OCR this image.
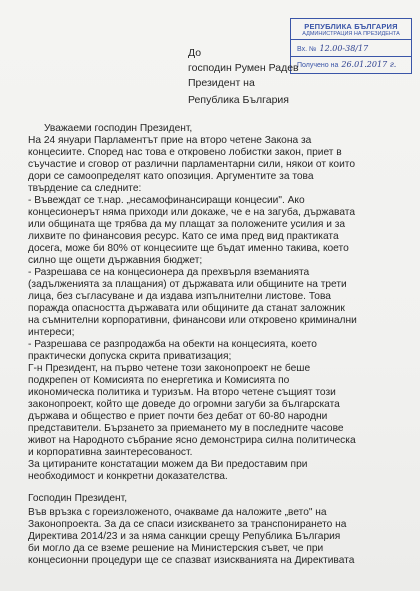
РЕПУБЛИКА БЪЛГАРИЯ
АДМИНИСТРАЦИЯ НА ПРЕЗИДЕНТА
Вх. № 12.00-38/17
Получено на 26.01.2017 г.
До
господин Румен Радев
Президент на
Република България
Уважаеми господин Президент,
На 24 януари Парламентът прие на второ четене Закона за
концесиите. Според нас това е откровено лобистки закон, приет в
съучастие и сговор от различни парламентарни сили, някои от които
дори се самоопределят като опозиция. Аргументите за това
твърдение са следните:
- Въвеждат се т.нар. „несамофинансиращи концесии". Ако
концесионерът няма приходи или докаже, че е на загуба, държавата
или общината ще трябва да му плащат за положените усилия и за
лихвите по финансовия ресурс. Като се има пред вид практиката
досега, може би 80% от концесиите ще бъдат именно такива, което
силно ще ощети държавния бюджет;
- Разрешава се на концесионера да прехвърля вземанията
(задълженията за плащания) от държавата или общините на трети
лица, без съгласуване и да издава изпълнителни листове. Това
поражда опасността държавата или общините да станат заложник
на съмнителни корпоративни, финансови или откровено криминални
интереси;
- Разрешава се разпродажба на обекти на концесията, което
практически допуска скрита приватизация;
Г-н Президент, на първо четене този законопроект не беше
подкрепен от Комисията по енергетика и Комисията по
икономическа политика и туризъм. На второ четене същият този
законопроект, който ще доведе до огромни загуби за българската
държава и общество е приет почти без дебат от 60-80 народни
представители. Бързането за приемането му в последните часове
живот на Народното събрание ясно демонстрира силна политическа
и корпоративна заинтересованост.
За цитираните констатации можем да Ви предоставим при
необходимост и конкретни доказателства.
Господин Президент,
Във връзка с гореизложеното, очакваме да наложите „вето" на
Законопроекта. За да се спаси изискването за транспонирането на
Директива 2014/23 и за няма санкции срещу Република България
би могло да се вземе решение на Министерския съвет, че при
концесионни процедури ще се спазват изискванията на Директивата
